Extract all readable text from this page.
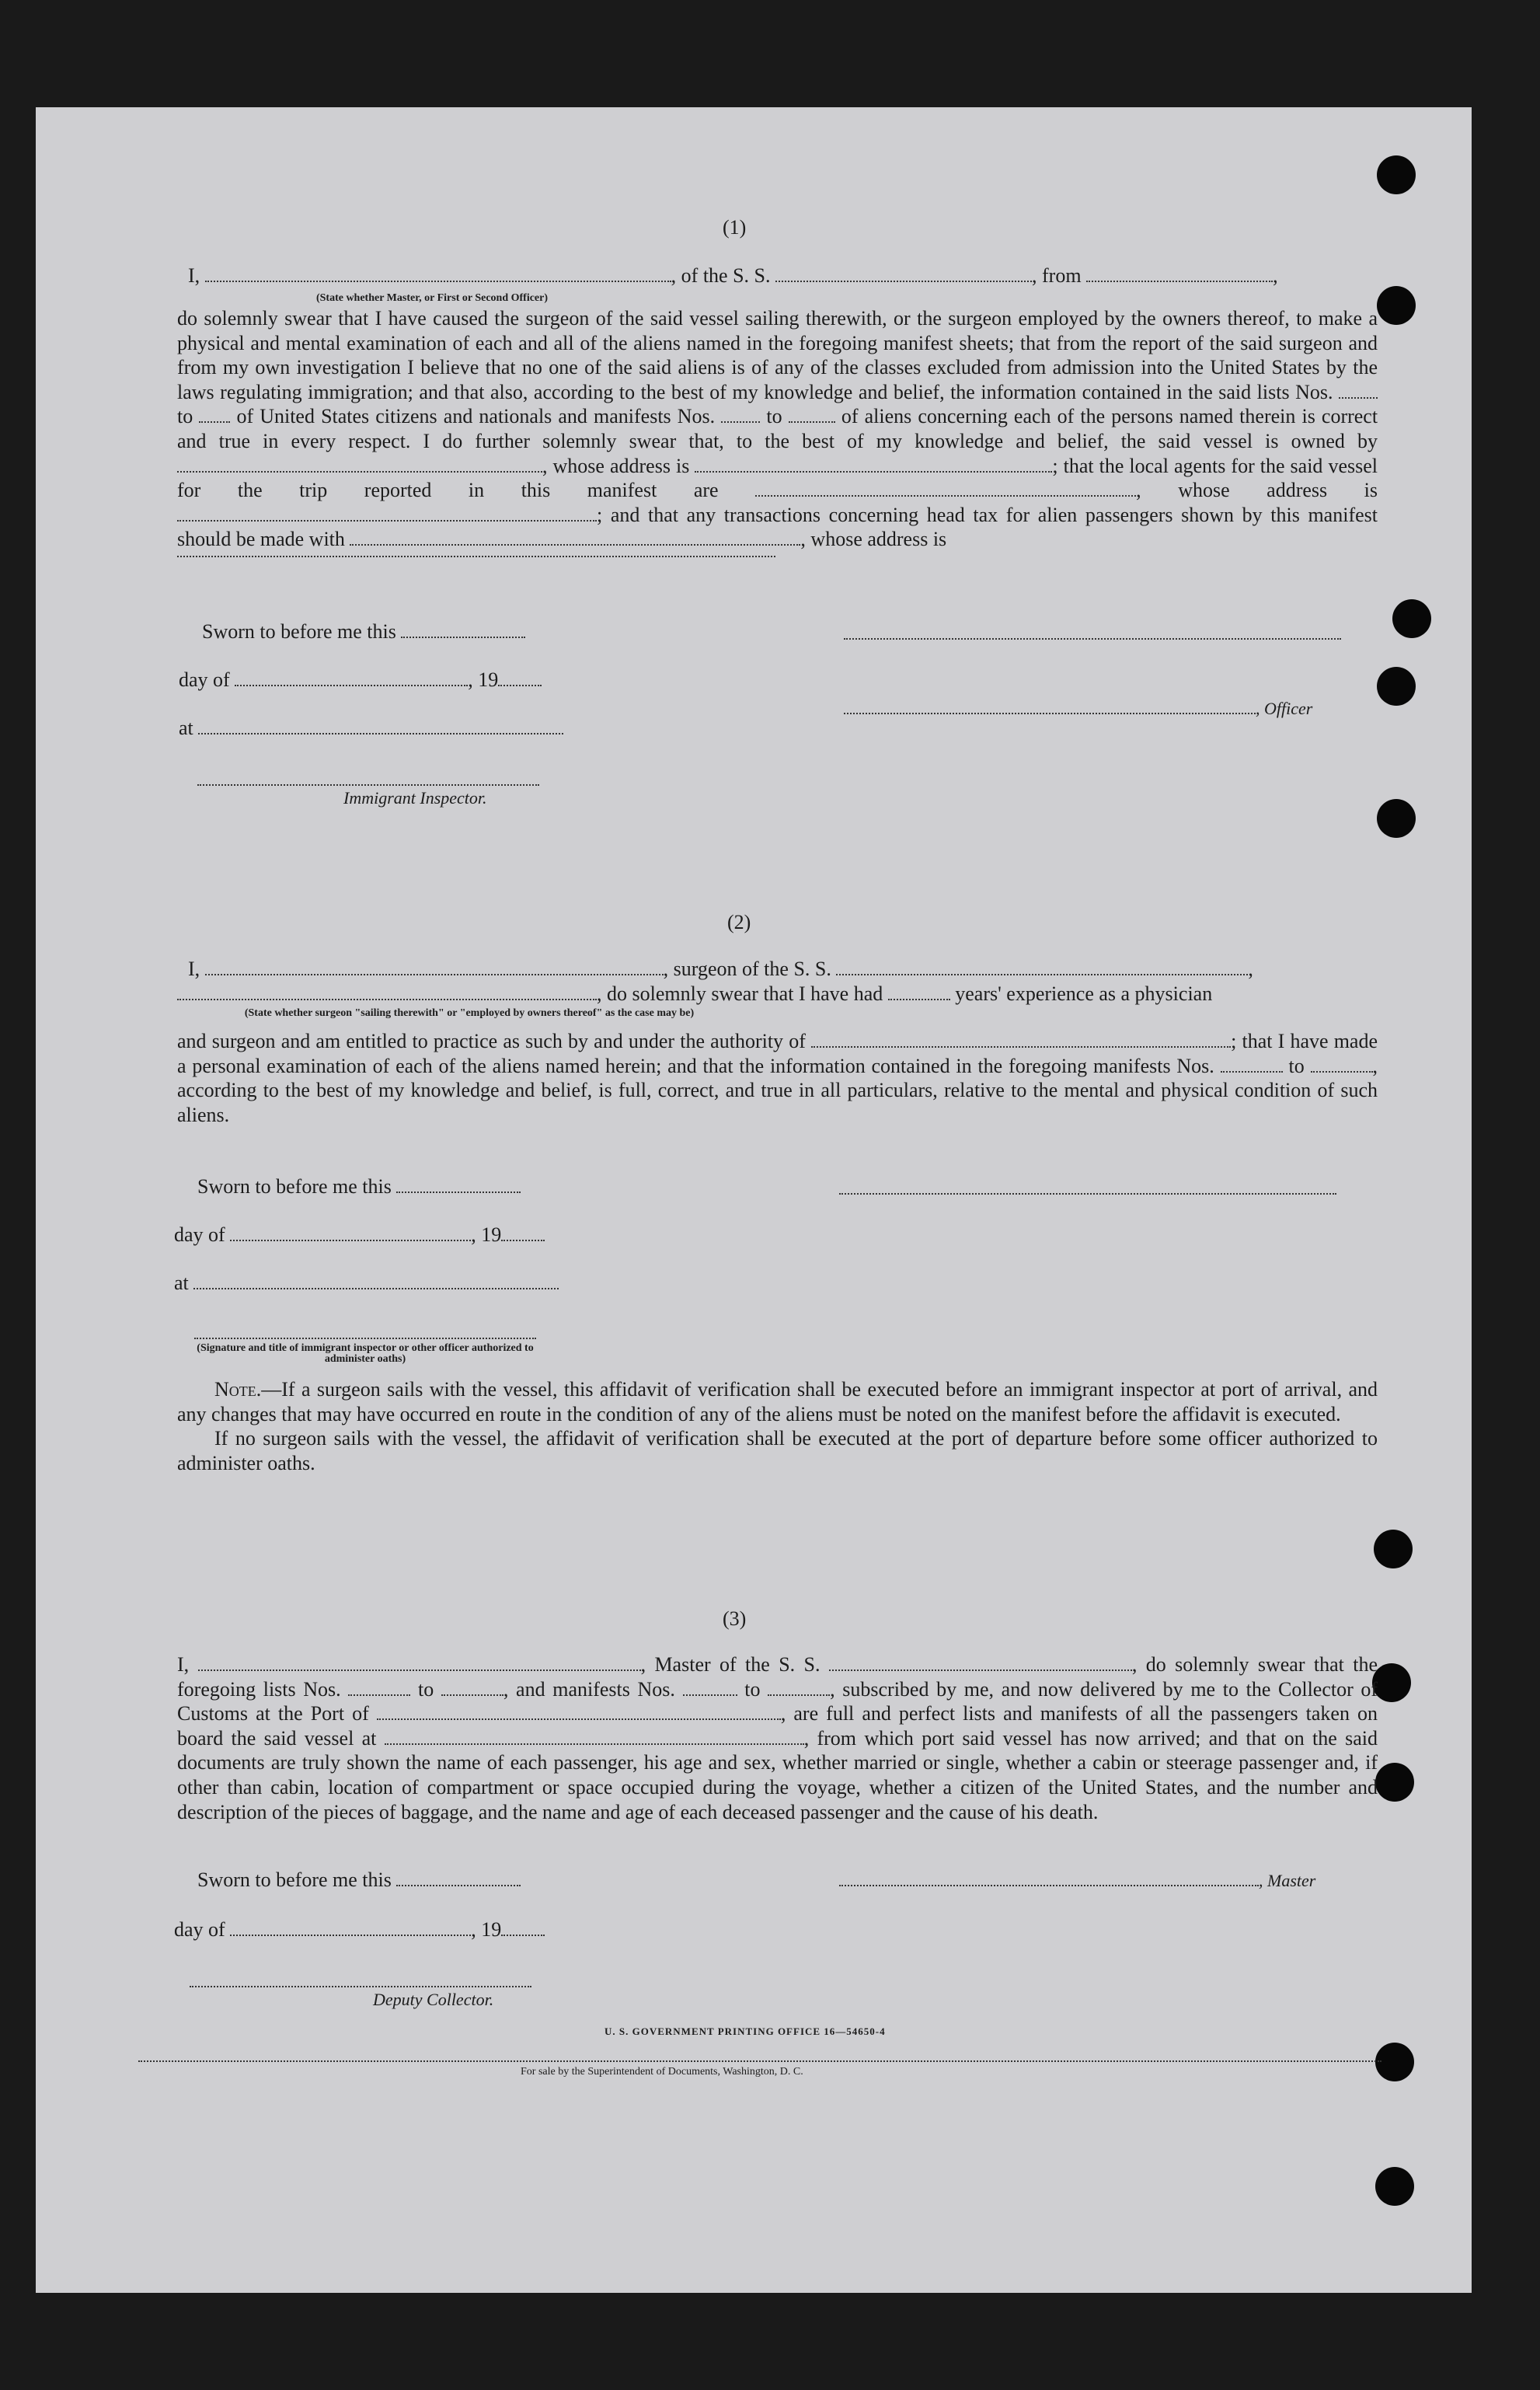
(1)
I,	, of the S. S.	, from	,
(State whether Master, or First or Second Officer)

do solemnly swear that I have caused the surgeon of the said vessel sailing therewith, or the surgeon employed by the owners thereof, to make a physical and mental examination of each and all of the aliens named in the foregoing manifest sheets; that from the report of the said surgeon and from my own investigation I believe that no one of the said aliens is of any of the classes excluded from admission into the United States by the laws regulating immigration; and that also, according to the best of my knowledge and belief, the information contained in the said lists Nos.  to of United States citizens and nationals and manifests Nos.	to	of aliens concerning each of the persons named therein is correct and true in every respect. I do further solemnly swear that, to the best of my knowledge and belief, the said vessel is owned by , whose address is	; that the local agents for the said vessel for the trip reported in this manifest are	, whose address is ; and that any transactions concerning head tax for alien passengers shown by this manifest should be made with	, whose address is

Sworn to before me this
day of	, 19
, Officer
at
Immigrant Inspector.
(2)
I,	, surgeon of the S. S.	,
, do solemnly swear that I have had	years' experience as a physician
(State whether surgeon "sailing therewith" or "employed by owners thereof" as the case may be)

and surgeon and am entitled to practice as such by and under the authority of	; that I have made a personal examination of each of the aliens named herein; and that the information contained in the foregoing manifests Nos.	to	, according to the best of my knowledge and belief, is full, correct, and true in all particulars, relative to the mental and physical condition of such aliens.

Sworn to before me this
day of	, 19
at
(Signature and title of immigrant inspector or other officer authorized to administer oaths)

Note.—If a surgeon sails with the vessel, this affidavit of verification shall be executed before an immigrant inspector at port of arrival, and any changes that may have occurred en route in the condition of any of the aliens must be noted on the manifest before the affidavit is executed.

If no surgeon sails with the vessel, the affidavit of verification shall be executed at the port of departure before some officer authorized to administer oaths.

(3)

I,	, Master of the S. S.	, do solemnly swear that the foregoing lists Nos.	to	, and manifests Nos.	to	, subscribed by me, and now delivered by me to the Collector of Customs at the Port of	, are full and perfect lists and manifests of all the passengers taken on board the said vessel at	, from which port said vessel has now arrived; and that on the said documents are truly shown the name of each passenger, his age and sex, whether married or single, whether a cabin or steerage passenger and, if other than cabin, location of compartment or space occupied during the voyage, whether a citizen of the United States, and the number and description of the pieces of baggage, and the name and age of each deceased passenger and the cause of his death.

Sworn to before me this	, Master
day of	, 19
Deputy Collector.
U. S. GOVERNMENT PRINTING OFFICE 16—54650-4
For sale by the Superintendent of Documents, Washington, D. C.
